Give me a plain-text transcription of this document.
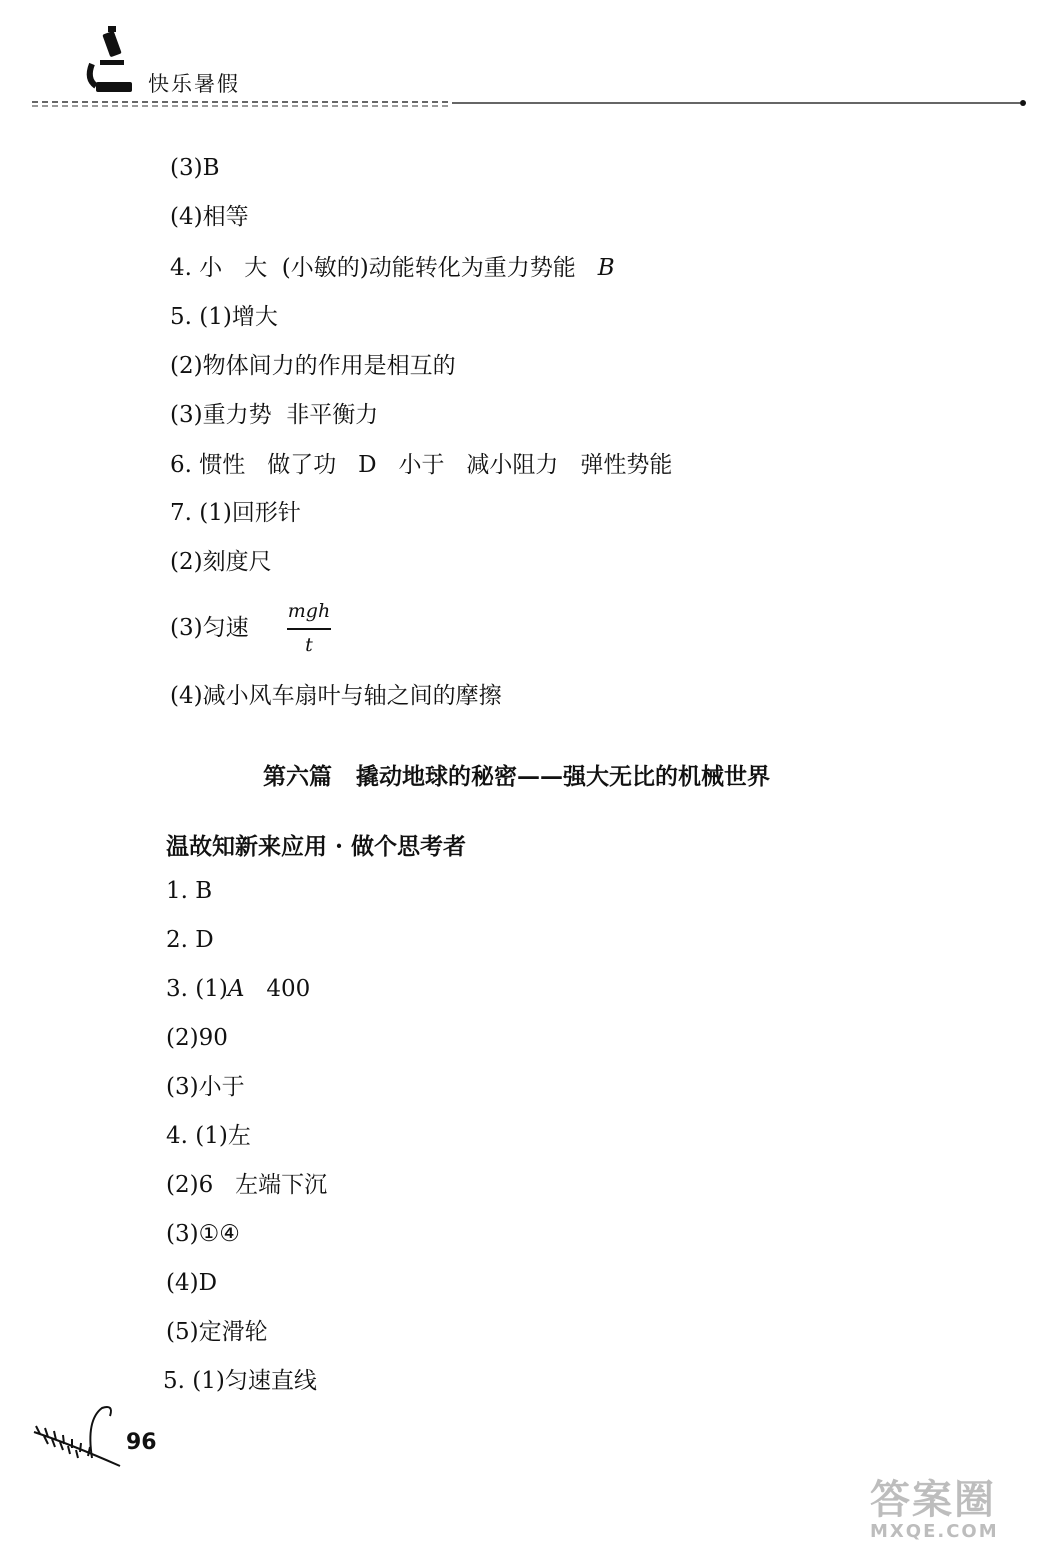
快乐暑假
(3)B
(4)相等
4. 小   大  (小敏的)动能转化为重力势能   B
5. (1)增大
(2)物体间力的作用是相互的
(3)重力势  非平衡力
6. 惯性   做了功   D   小于   减小阻力   弹性势能
7. (1)回形针
(2)刻度尺
(3)匀速
mgh
t
(4)减小风车扇叶与轴之间的摩擦
第六篇   撬动地球的秘密——强大无比的机械世界
温故知新来应用 · 做个思考者
1. B
2. D
3. (1)A 400
(2)90
(3)小于
4. (1)左
(2)6   左端下沉
(3)①④
(4)D
(5)定滑轮
5. (1)匀速直线
96
答案圈
MXQE.COM
